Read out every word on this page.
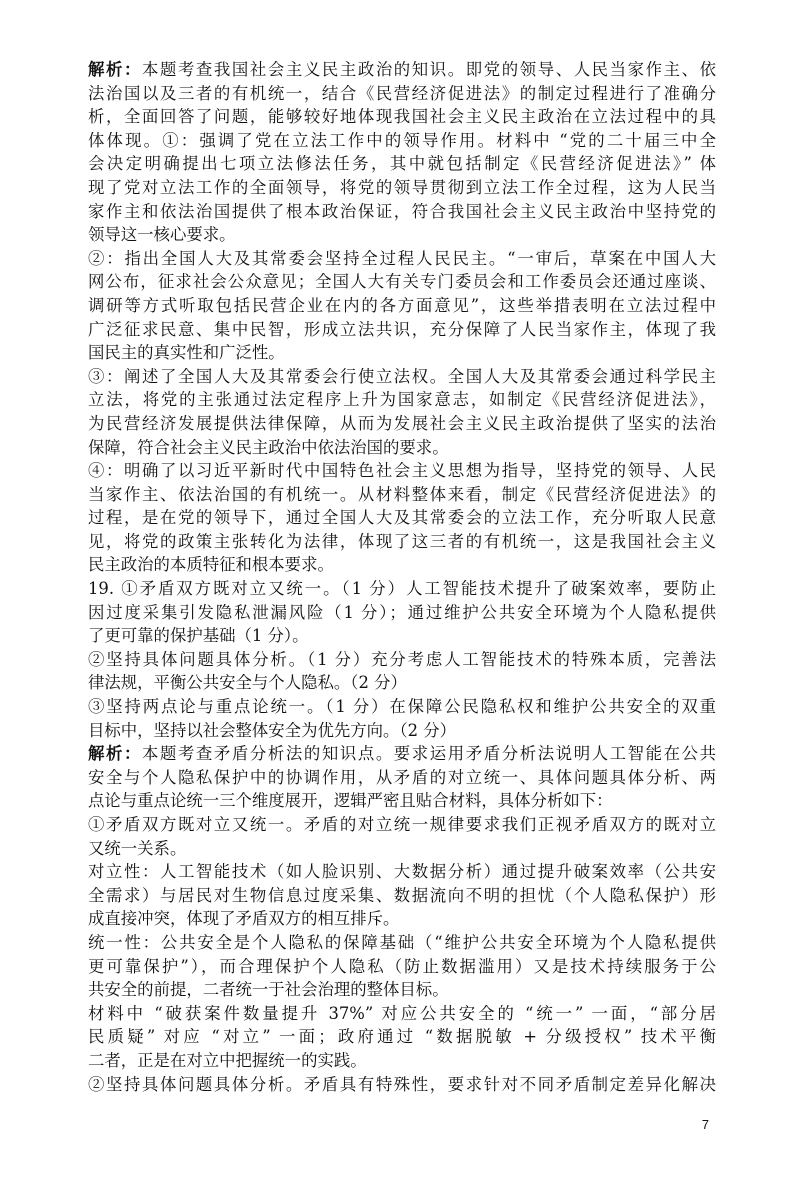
解析：本题考查我国社会主义民主政治的知识。即党的领导、人民当家作主、依
法治国以及三者的有机统一，结合《民营经济促进法》的制定过程进行了准确分
析，全面回答了问题，能够较好地体现我国社会主义民主政治在立法过程中的具
体体现。①：强调了党在立法工作中的领导作用。材料中 “党的二十届三中全
会决定明确提出七项立法修法任务，其中就包括制定《民营经济促进法》” 体
现了党对立法工作的全面领导，将党的领导贯彻到立法工作全过程，这为人民当
家作主和依法治国提供了根本政治保证，符合我国社会主义民主政治中坚持党的
领导这一核心要求。
②：指出全国人大及其常委会坚持全过程人民民主。“一审后，草案在中国人大
网公布，征求社会公众意见；全国人大有关专门委员会和工作委员会还通过座谈、
调研等方式听取包括民营企业在内的各方面意见”，这些举措表明在立法过程中
广泛征求民意、集中民智，形成立法共识，充分保障了人民当家作主，体现了我
国民主的真实性和广泛性。
③：阐述了全国人大及其常委会行使立法权。全国人大及其常委会通过科学民主
立法，将党的主张通过法定程序上升为国家意志，如制定《民营经济促进法》，
为民营经济发展提供法律保障，从而为发展社会主义民主政治提供了坚实的法治
保障，符合社会主义民主政治中依法治国的要求。
④：明确了以习近平新时代中国特色社会主义思想为指导，坚持党的领导、人民
当家作主、依法治国的有机统一。从材料整体来看，制定《民营经济促进法》的
过程，是在党的领导下，通过全国人大及其常委会的立法工作，充分听取人民意
见，将党的政策主张转化为法律，体现了这三者的有机统一，这是我国社会主义
民主政治的本质特征和根本要求。
19. ①矛盾双方既对立又统一。（1 分）人工智能技术提升了破案效率，要防止
因过度采集引发隐私泄漏风险（1 分）；通过维护公共安全环境为个人隐私提供
了更可靠的保护基础（1 分）。
②坚持具体问题具体分析。（1 分）充分考虑人工智能技术的特殊本质，完善法
律法规，平衡公共安全与个人隐私。（2 分）
③坚持两点论与重点论统一。（1 分）在保障公民隐私权和维护公共安全的双重
目标中，坚持以社会整体安全为优先方向。（2 分）
解析：本题考查矛盾分析法的知识点。要求运用矛盾分析法说明人工智能在公共
安全与个人隐私保护中的协调作用，从矛盾的对立统一、具体问题具体分析、两
点论与重点论统一三个维度展开，逻辑严密且贴合材料，具体分析如下：
①矛盾双方既对立又统一。矛盾的对立统一规律要求我们正视矛盾双方的既对立
又统一关系。
对立性：人工智能技术（如人脸识别、大数据分析）通过提升破案效率（公共安
全需求）与居民对生物信息过度采集、数据流向不明的担忧（个人隐私保护）形
成直接冲突，体现了矛盾双方的相互排斥。
统一性：公共安全是个人隐私的保障基础（“维护公共安全环境为个人隐私提供
更可靠保护”），而合理保护个人隐私（防止数据滥用）又是技术持续服务于公
共安全的前提，二者统一于社会治理的整体目标。
材料中 “破获案件数量提升 37%” 对应公共安全的 “统一” 一面，“部分居
民质疑” 对应 “对立” 一面；政府通过 “数据脱敏 + 分级授权” 技术平衡
二者，正是在对立中把握统一的实践。
②坚持具体问题具体分析。矛盾具有特殊性，要求针对不同矛盾制定差异化解决
7
